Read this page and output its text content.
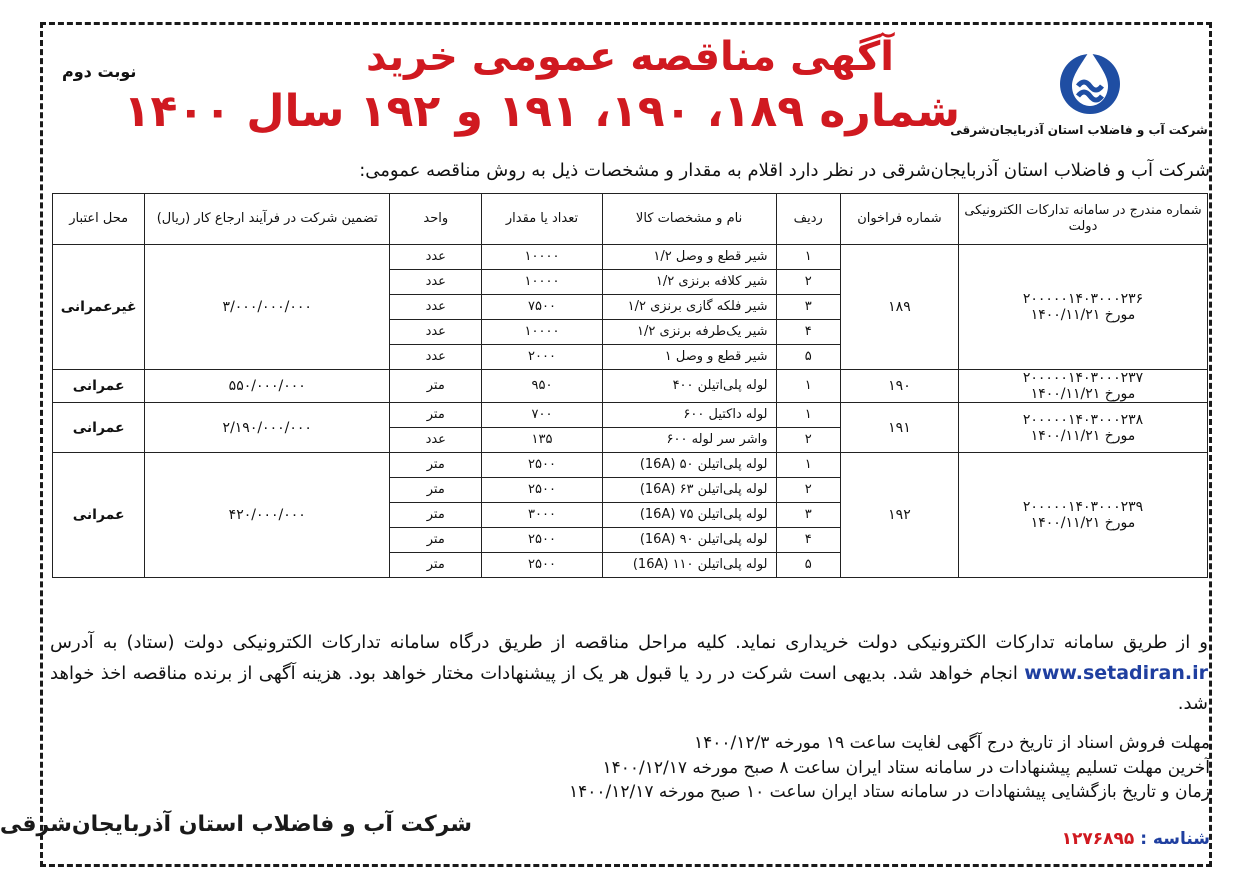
نوبت دوم
شرکت آب و فاضلاب استان آذربایجان‌شرقی
آگهی مناقصه عمومی خرید
شماره ۱۸۹، ۱۹۰، ۱۹۱ و ۱۹۲ سال ۱۴۰۰
شرکت آب و فاضلاب استان آذربایجان‌شرقی در نظر دارد اقلام به مقدار و مشخصات ذیل به روش مناقصه عمومی:
شماره مندرج در سامانه تدارکات الکترونیکی دولت	شماره فراخوان	ردیف	نام و مشخصات کالا	تعداد یا مقدار	واحد	تضمین شرکت در فرآیند ارجاع کار (ریال)	محل اعتبار

۲۰۰۰۰۰۱۴۰۳۰۰۰۲۳۶
مورخ ۱۴۰۰/۱۱/۲۱	۱۸۹	۱	شیر قطع و وصل ۱/۲	۱۰۰۰۰	عدد	۳/۰۰۰/۰۰۰/۰۰۰	غیرعمرانی
		۲	شیر کلافه برنزی ۱/۲	۱۰۰۰۰	عدد		
		۳	شیر فلکه گازی برنزی ۱/۲	۷۵۰۰	عدد		
		۴	شیر یک‌طرفه برنزی ۱/۲	۱۰۰۰۰	عدد		
		۵	شیر قطع و وصل ۱	۲۰۰۰	عدد		

۲۰۰۰۰۰۱۴۰۳۰۰۰۲۳۷
مورخ ۱۴۰۰/۱۱/۲۱	۱۹۰	۱	لوله پلی‌اتیلن ۴۰۰	۹۵۰	متر	۵۵۰/۰۰۰/۰۰۰	عمرانی

۲۰۰۰۰۰۱۴۰۳۰۰۰۲۳۸
مورخ ۱۴۰۰/۱۱/۲۱	۱۹۱	۱	لوله داکتیل ۶۰۰	۷۰۰	متر	۲/۱۹۰/۰۰۰/۰۰۰	عمرانی
		۲	واشر سر لوله ۶۰۰	۱۳۵	عدد		

۲۰۰۰۰۰۱۴۰۳۰۰۰۲۳۹
مورخ ۱۴۰۰/۱۱/۲۱	۱۹۲	۱	لوله پلی‌اتیلن ۵۰ (16A)	۲۵۰۰	متر	۴۲۰/۰۰۰/۰۰۰	عمرانی
		۲	لوله پلی‌اتیلن ۶۳ (16A)	۲۵۰۰	متر		
		۳	لوله پلی‌اتیلن ۷۵ (16A)	۳۰۰۰	متر		
		۴	لوله پلی‌اتیلن ۹۰ (16A)	۲۵۰۰	متر		
		۵	لوله پلی‌اتیلن ۱۱۰ (16A)	۲۵۰۰	متر		
و از طریق سامانه تدارکات الکترونیکی دولت خریداری نماید. کلیه مراحل مناقصه از طریق درگاه سامانه تدارکات الکترونیکی دولت (ستاد) به آدرس www.setadiran.ir انجام خواهد شد. بدیهی است شرکت در رد یا قبول هر یک از پیشنهادات مختار خواهد بود. هزینه آگهی از برنده مناقصه اخذ خواهد شد.
مهلت فروش اسناد از تاریخ درج آگهی لغایت ساعت ۱۹ مورخه ۱۴۰۰/۱۲/۳
آخرین مهلت تسلیم پیشنهادات در سامانه ستاد ایران ساعت ۸ صبح مورخه ۱۴۰۰/۱۲/۱۷
زمان و تاریخ بازگشایی پیشنهادات در سامانه ستاد ایران ساعت ۱۰ صبح مورخه ۱۴۰۰/۱۲/۱۷
شرکت آب و فاضلاب استان آذربایجان‌شرقی
شناسه : ۱۲۷۶۸۹۵
